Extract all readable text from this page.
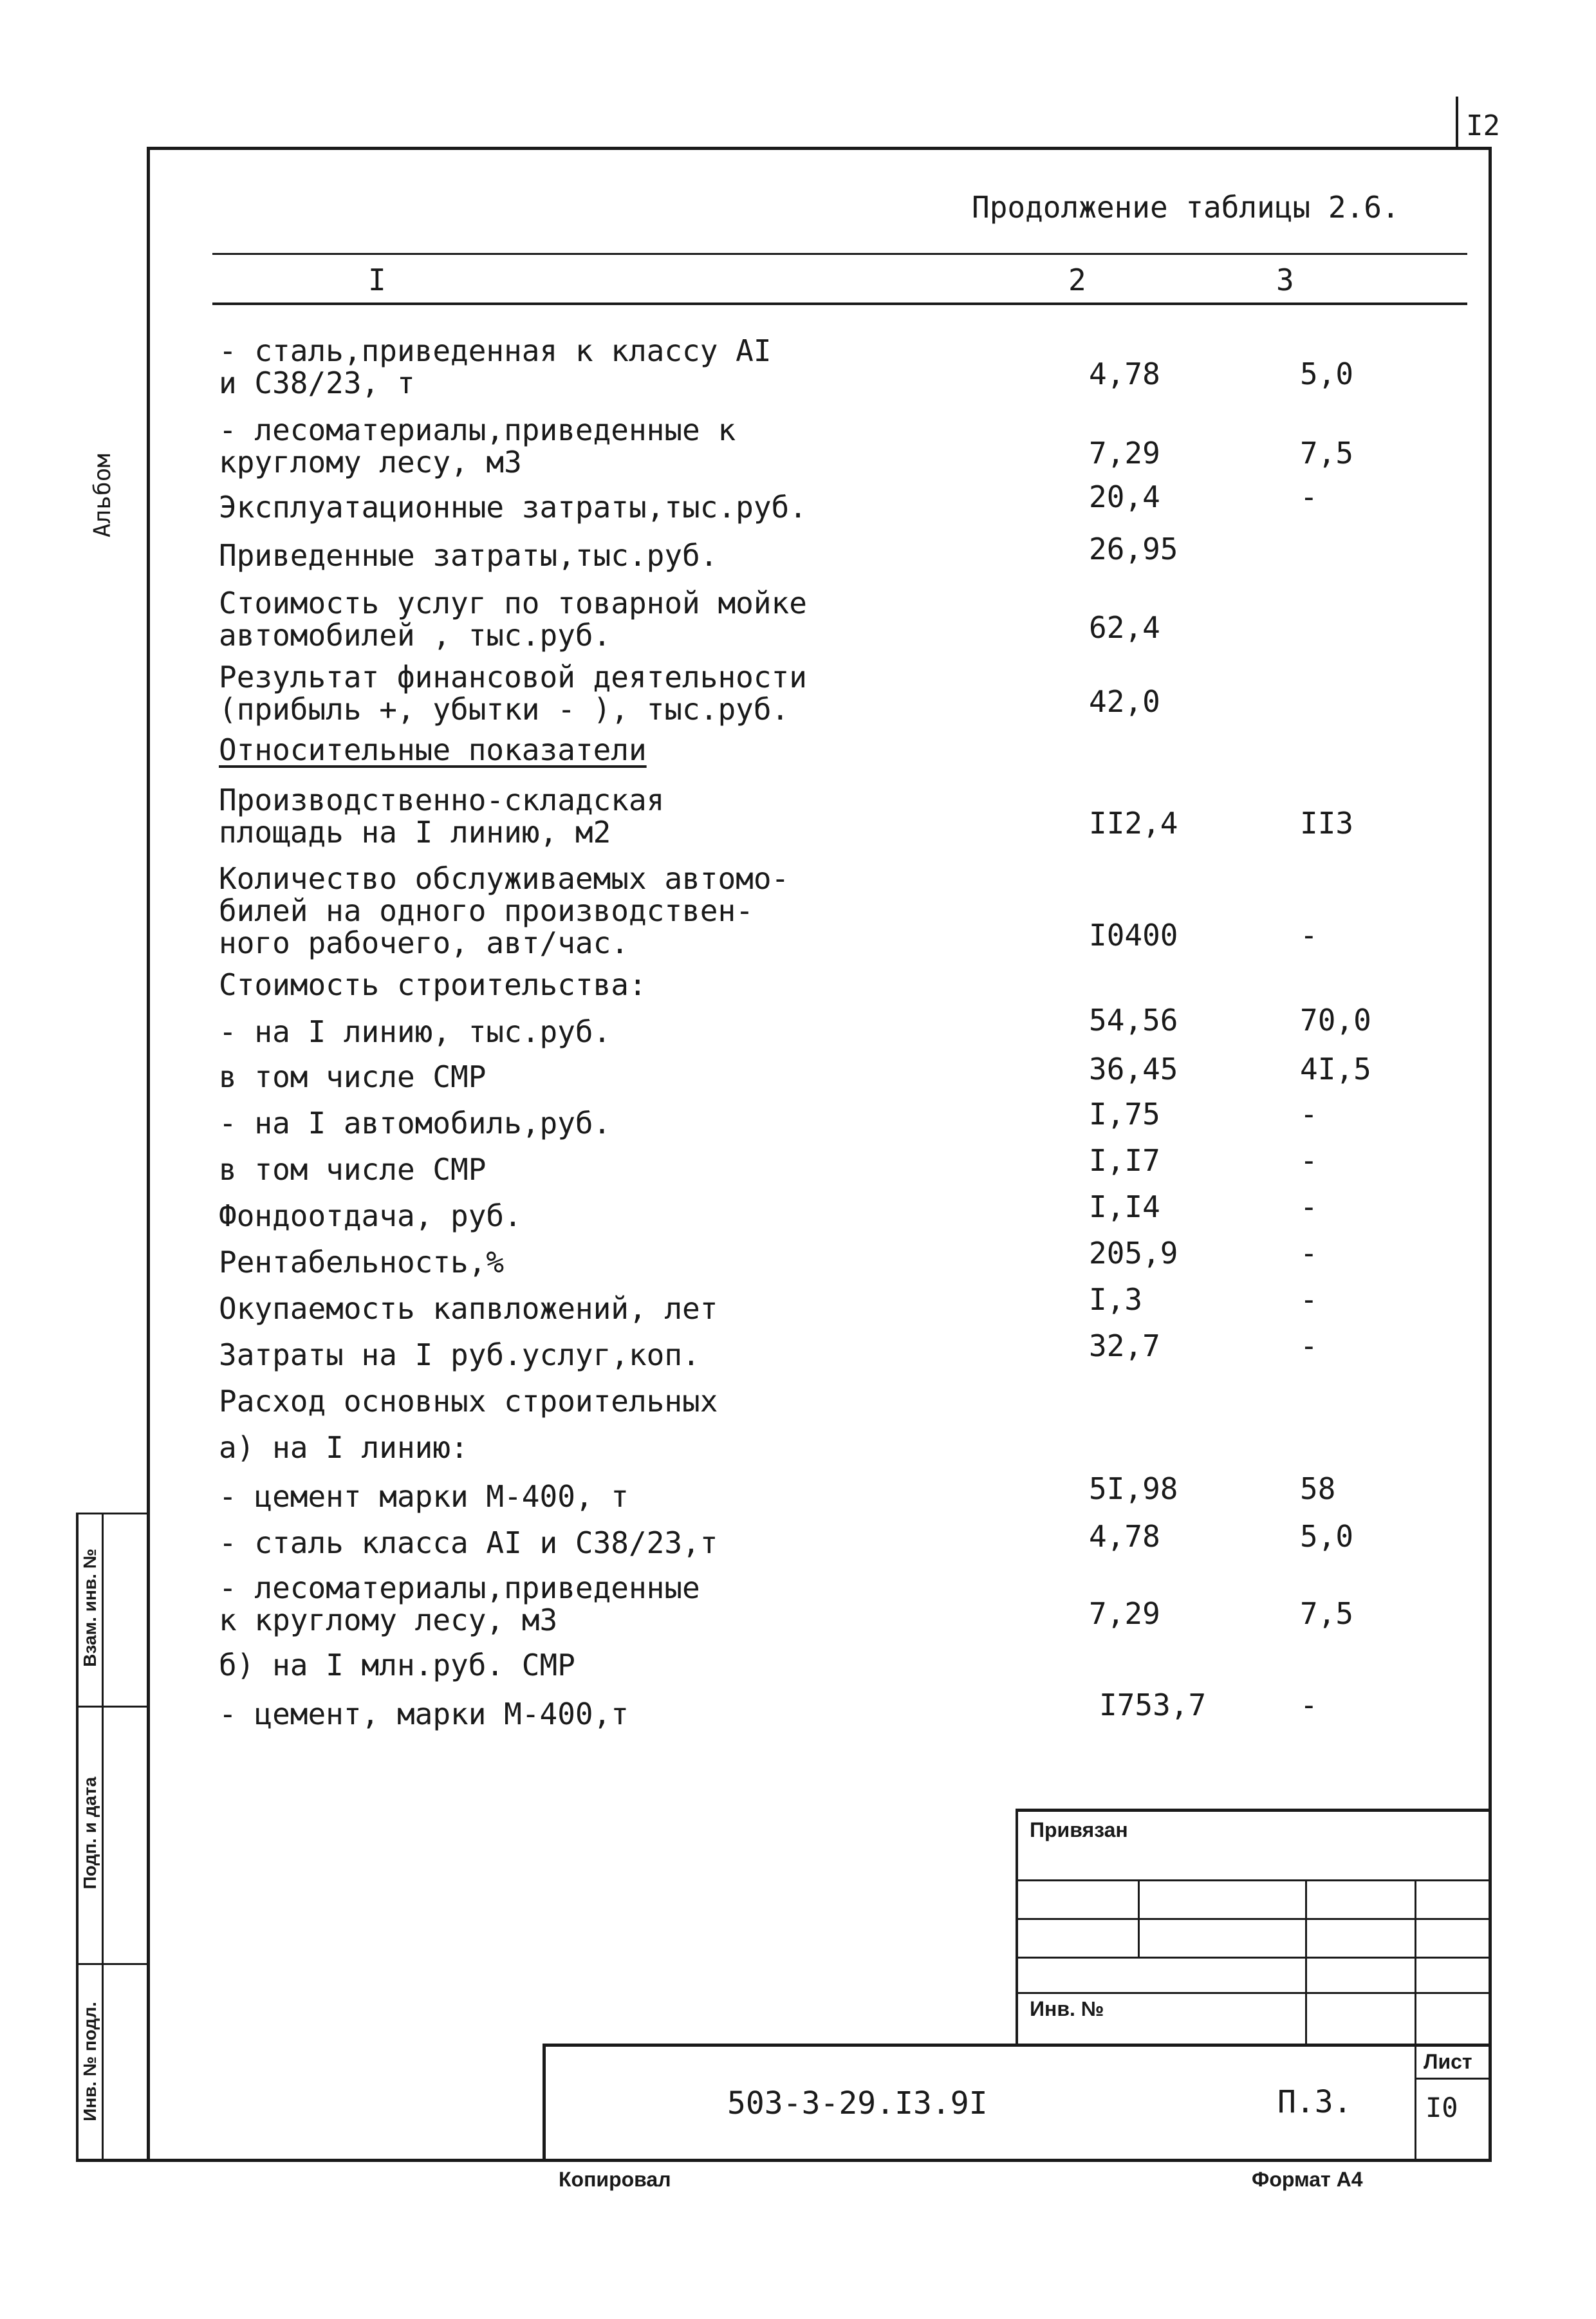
I2
Альбом
Взам. инв. №
Подп. и дата
Инв. № подл.
Продолжение таблицы 2.6.
I	2	3
- сталь,приведенная к классу AI
и С38/23, т	4,78	5,0
- лесоматериалы,приведенные к
круглому лесу, м3	7,29	7,5
Эксплуатационные затраты,тыс.руб.	20,4	-
Приведенные затраты,тыс.руб.	26,95
Стоимость услуг по товарной мойке
автомобилей , тыс.руб.	62,4
Результат финансовой деятельности
(прибыль +, убытки - ), тыс.руб.	42,0
Относительные показатели
Производственно-складская
площадь на I линию, м2	II2,4	II3
Количество обслуживаемых автомо-
билей на одного производствен-
ного рабочего, авт/час.	I0400	-
Стоимость строительства:
- на I линию, тыс.руб.	54,56	70,0
в том числе СМР	36,45	4I,5
- на I автомобиль,руб.	I,75	-
в том числе СМР	I,I7	-
Фондоотдача, руб.	I,I4	-
Рентабельность,%	205,9	-
Окупаемость капвложений, лет	I,3	-
Затраты на I руб.услуг,коп.	32,7	-
Расход основных строительных
а) на I линию:
- цемент марки М-400, т	5I,98	58
- сталь класса AI и С38/23,т	4,78	5,0
- лесоматериалы,приведенные
к круглому лесу, м3	7,29	7,5
б) на I млн.руб. СМР
- цемент, марки М-400,т	I753,7	-
Привязан
Инв. №
503-3-29.I3.9I	П.3.
Лист
I0
Копировал	Формат А4
